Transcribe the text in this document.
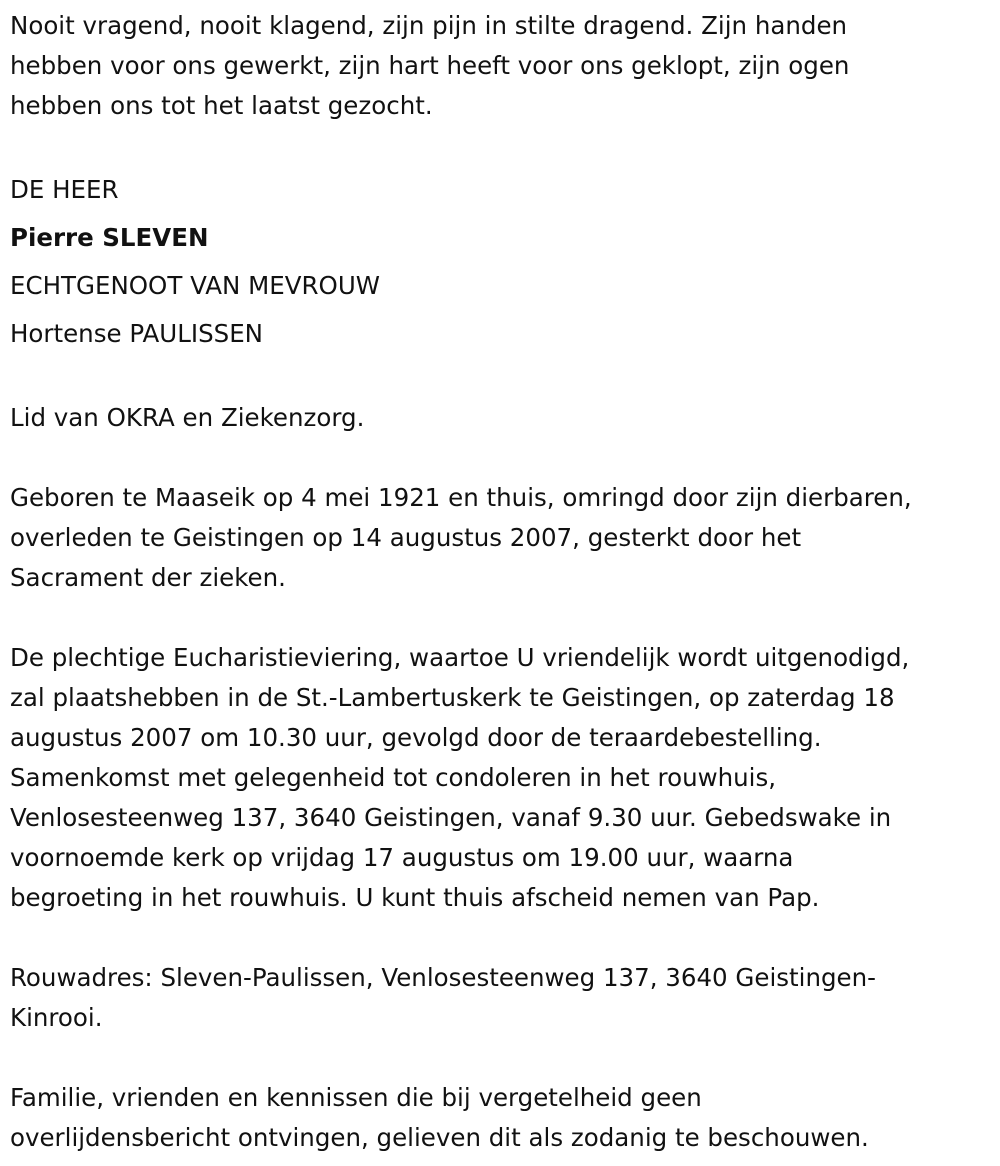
Nooit vragend, nooit klagend, zijn pijn in stilte dragend. Zijn handen
hebben voor ons gewerkt, zijn hart heeft voor ons geklopt, zijn ogen
hebben ons tot het laatst gezocht.
DE HEER
Pierre SLEVEN
ECHTGENOOT VAN MEVROUW
Hortense PAULISSEN
Lid van OKRA en Ziekenzorg.
Geboren te Maaseik op 4 mei 1921 en thuis, omringd door zijn dierbaren,
overleden te Geistingen op 14 augustus 2007, gesterkt door het
Sacrament der zieken.
De plechtige Eucharistieviering, waartoe U vriendelijk wordt uitgenodigd,
zal plaatshebben in de St.-Lambertuskerk te Geistingen, op zaterdag 18
augustus 2007 om 10.30 uur, gevolgd door de teraardebestelling.
Samenkomst met gelegenheid tot condoleren in het rouwhuis,
Venlosesteenweg 137, 3640 Geistingen, vanaf 9.30 uur. Gebedswake in
voornoemde kerk op vrijdag 17 augustus om 19.00 uur, waarna
begroeting in het rouwhuis. U kunt thuis afscheid nemen van Pap.
Rouwadres: Sleven-Paulissen, Venlosesteenweg 137, 3640 Geistingen-
Kinrooi.
Familie, vrienden en kennissen die bij vergetelheid geen
overlijdensbericht ontvingen, gelieven dit als zodanig te beschouwen.
